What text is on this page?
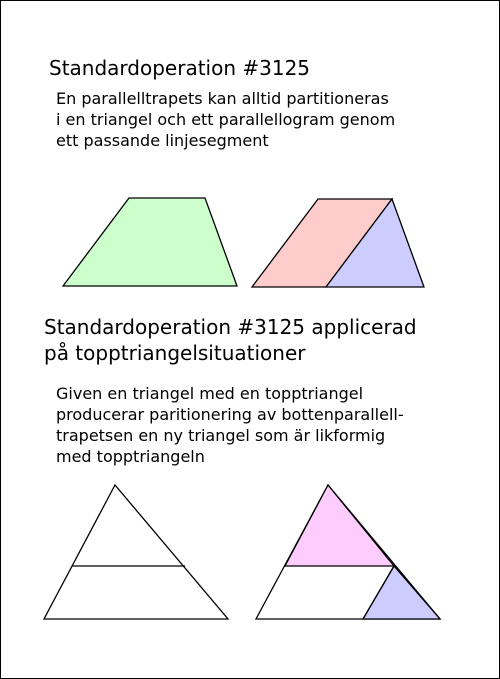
Standardoperation #3125

En parallelltrapets kan alltid partitioneras
i en triangel och ett parallellogram genom
ett passande linjesegment

Standardoperation #3125 applicerad
på topptriangelsituationer

Given en triangel med en topptriangel
producerar paritionering av bottenparallell-
trapetsen en ny triangel som är likformig
med topptriangeln
